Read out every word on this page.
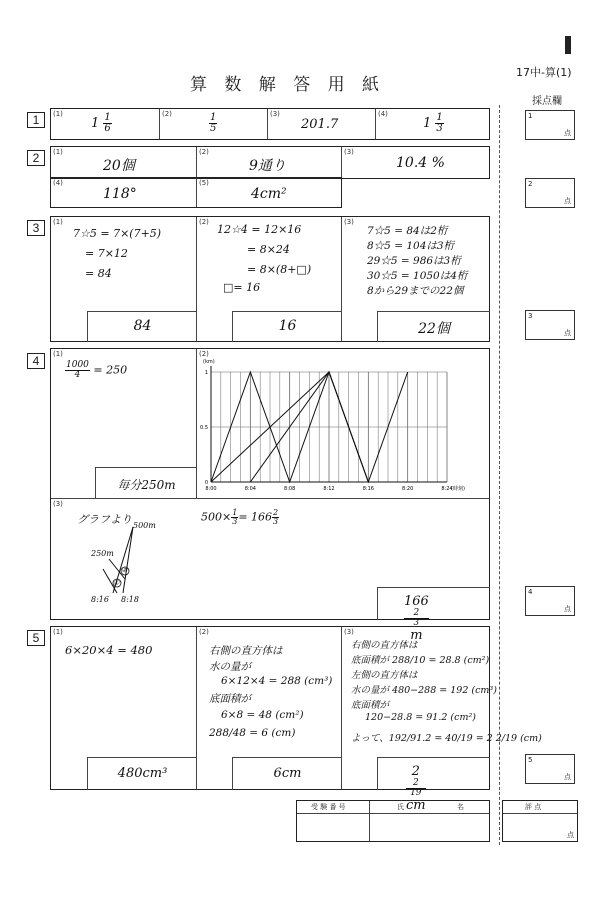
算 数 解 答 用 紙
17中-算(1)
採点欄
1
点
2
点
3
点
4
点
5
点
1	(1)	(2)	(3)	(4)
$1 \frac{1}{6}$	$\frac{1}{5}$	201.7	$1 \frac{1}{3}$
2	(1)	(2)	(3)
20個	9通り	10.4 %
(4)	(5)
118°	4cm²
3	(1)	(2)	(3)
7☆5 = 7×(7+5)
= 7×12
= 84
12☆4 = 12×16
= 8×24
= 8×(8+□)
□= 16
7☆5 = 84は2桁
8☆5 = 104は3桁
29☆5 = 986は3桁
30☆5 = 1050は4桁
8から29までの22個
84	16	22個
4	(1)	(2)
(3)
$\frac{1000}{4} = 250$
毎分250m	0
0.5
1
(km)
8:00	8:04	8:08	8:12	8:16	8:20	8:24
(時刻)
グラフより 500m
250m
8:16 8:18
①
②
$500\times \frac{1}{3} = 166 \frac{2}{3}$
166
2
3
m
5	(1)	(2)	(3)
6×20×4 = 480	右側の直方体は
水の量が
6×12×4 = 288 (cm³)
底面積が
6×8 = 48 (cm²)
288/48 = 6 (cm)
右側の直方体は
底面積が 288/10 = 28.8 (cm²)
左側の直方体は
水の量が 480−288 = 192 (cm³)
底面積が
120−28.8 = 91.2 (cm²)
よって、192/91.2 = 40/19 = 2 2/19 (cm)
480cm³	6cm	2
2
19
cm
受 験 番 号	氏	名	評 点
点
